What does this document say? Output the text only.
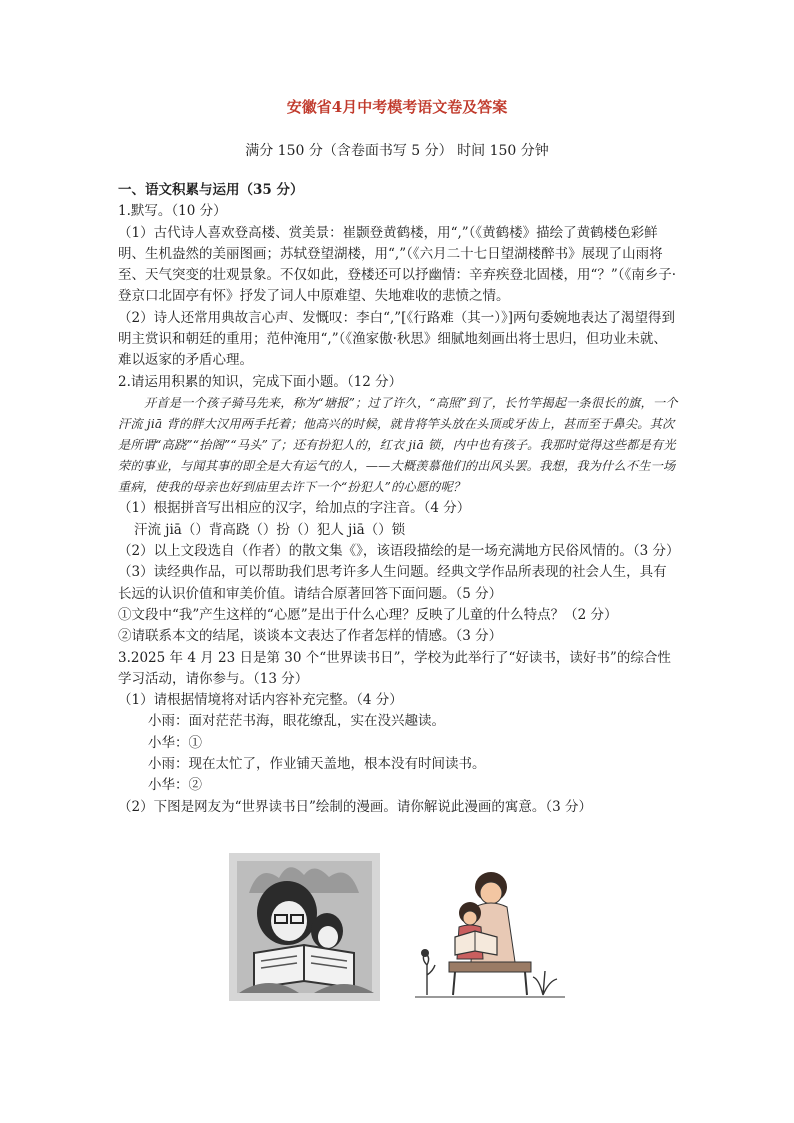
安徽省4月中考模考语文卷及答案
满分 150 分（含卷面书写 5 分） 时间 150 分钟

一、语文积累与运用（35 分）

1.默写。（10 分）

（1）古代诗人喜欢登高楼、赏美景：崔颢登黄鹤楼，用“,”（《黄鹤楼》描绘了黄鹤楼色彩鲜明、生机盎然的美丽图画；苏轼登望湖楼，用“,”（《六月二十七日望湖楼醉书》展现了山雨将至、天气突变的壮观景象。不仅如此，登楼还可以抒幽情：辛弃疾登北固楼，用“？”（《南乡子·登京口北固亭有怀》抒发了词人中原难望、失地难收的悲愤之情。

（2）诗人还常用典故言心声、发慨叹：李白“,”[《行路难（其一）》]两句委婉地表达了渴望得到明主赏识和朝廷的重用；范仲淹用“,”（《渔家傲·秋思》细腻地刻画出将士思归，但功业未就、难以返家的矛盾心理。

2.请运用积累的知识，完成下面小题。（12 分）

开首是一个孩子骑马先来，称为“塘报”；过了许久，“高照”到了，长竹竿揭起一条很长的旗，一个汗流 jiā 背的胖大汉用两手托着；他高兴的时候，就肯将竿头放在头顶或牙齿上，甚而至于鼻尖。其次是所谓“高跷”“抬阁”“马头”了；还有扮犯人的，红衣 jiā 锁，内中也有孩子。我那时觉得这些都是有光荣的事业，与闻其事的即全是大有运气的人，——大概羡慕他们的出风头罢。我想，我为什么不生一场重病，使我的母亲也好到庙里去许下一个“扮犯人”的心愿的呢？

（1）根据拼音写出相应的汉字，给加点的字注音。（4 分）

汗流 jiā（）背高跷（）扮（）犯人 jiā（）锁

（2）以上文段选自（作者）的散文集《》，该语段描绘的是一场充满地方民俗风情的。（3 分）

（3）读经典作品，可以帮助我们思考许多人生问题。经典文学作品所表现的社会人生，具有长远的认识价值和审美价值。请结合原著回答下面问题。（5 分）

①文段中“我”产生这样的“心愿”是出于什么心理？反映了儿童的什么特点？（2 分）

②请联系本文的结尾，谈谈本文表达了作者怎样的情感。（3 分）

3.2025 年 4 月 23 日是第 30 个“世界读书日”，学校为此举行了“好读书，读好书”的综合性学习活动，请你参与。（13 分）

（1）请根据情境将对话内容补充完整。（4 分）

小雨：面对茫茫书海，眼花缭乱，实在没兴趣读。

小华：①

小雨：现在太忙了，作业铺天盖地，根本没有时间读书。

小华：②

（2）下图是网友为“世界读书日”绘制的漫画。请你解说此漫画的寓意。（3 分）
